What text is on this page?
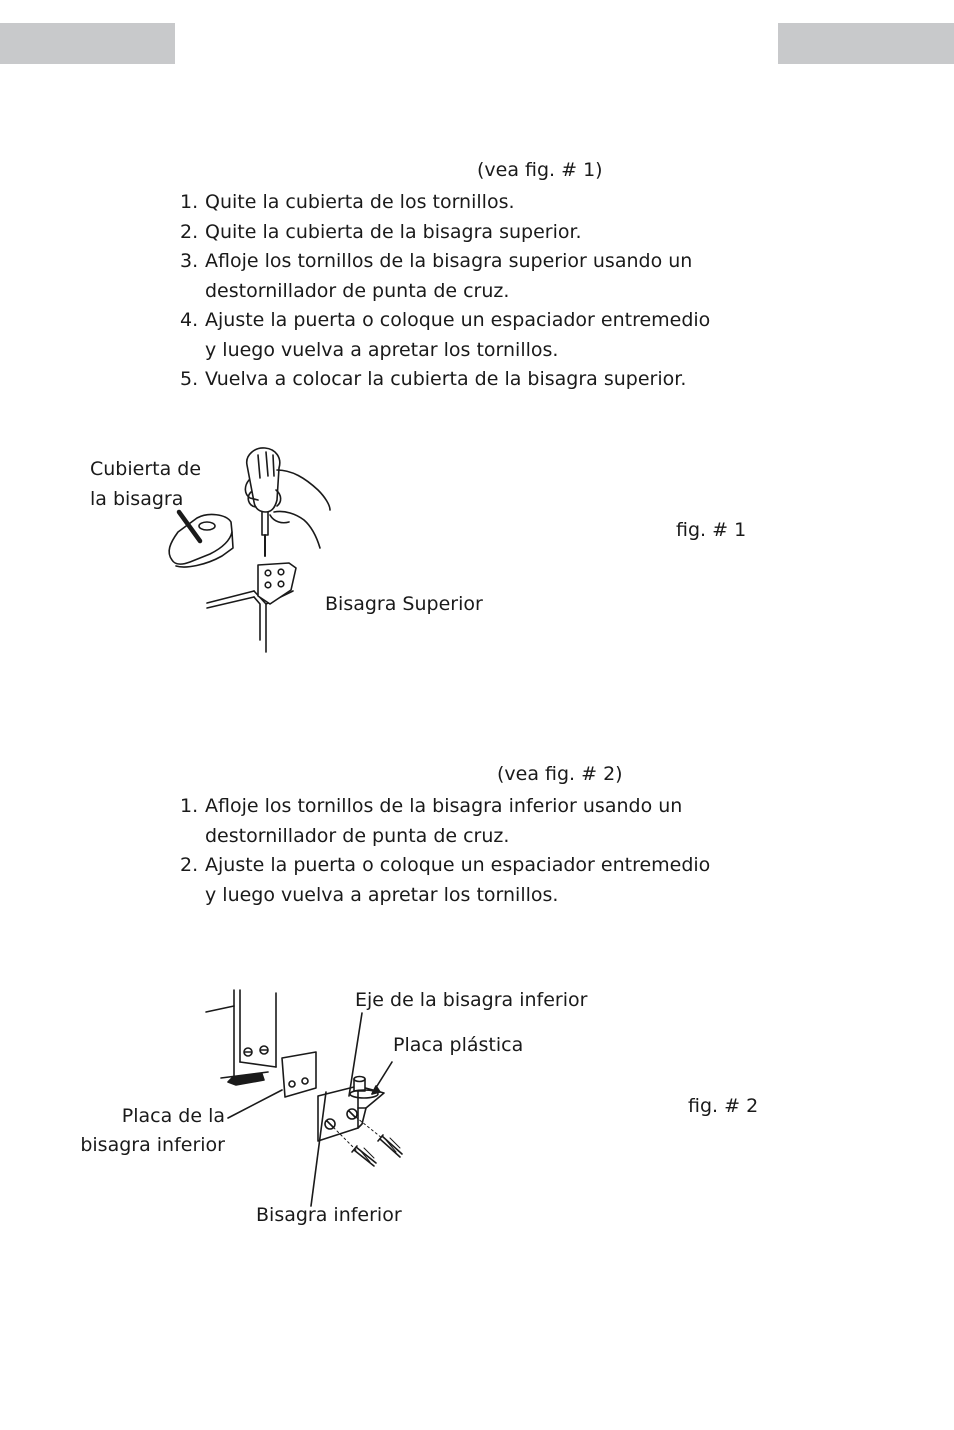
(vea fig. # 1)
1. Quite la cubierta de los tornillos.
2. Quite la cubierta de la bisagra superior.
3. Afloje los tornillos de la bisagra superior usando un
destornillador de punta de cruz.
4. Ajuste la puerta o coloque un espaciador entremedio
y luego vuelva a apretar los tornillos.
5. Vuelva a colocar la cubierta de la bisagra superior.
Cubierta de
la bisagra
Bisagra Superior
fig. # 1
(vea fig. # 2)
1. Afloje los tornillos de la bisagra inferior usando un
destornillador de punta de cruz.
2. Ajuste la puerta o coloque un espaciador entremedio
y luego vuelva a apretar los tornillos.
Eje de la bisagra inferior
Placa plástica
Placa de la
bisagra inferior
Bisagra inferior
fig. # 2
